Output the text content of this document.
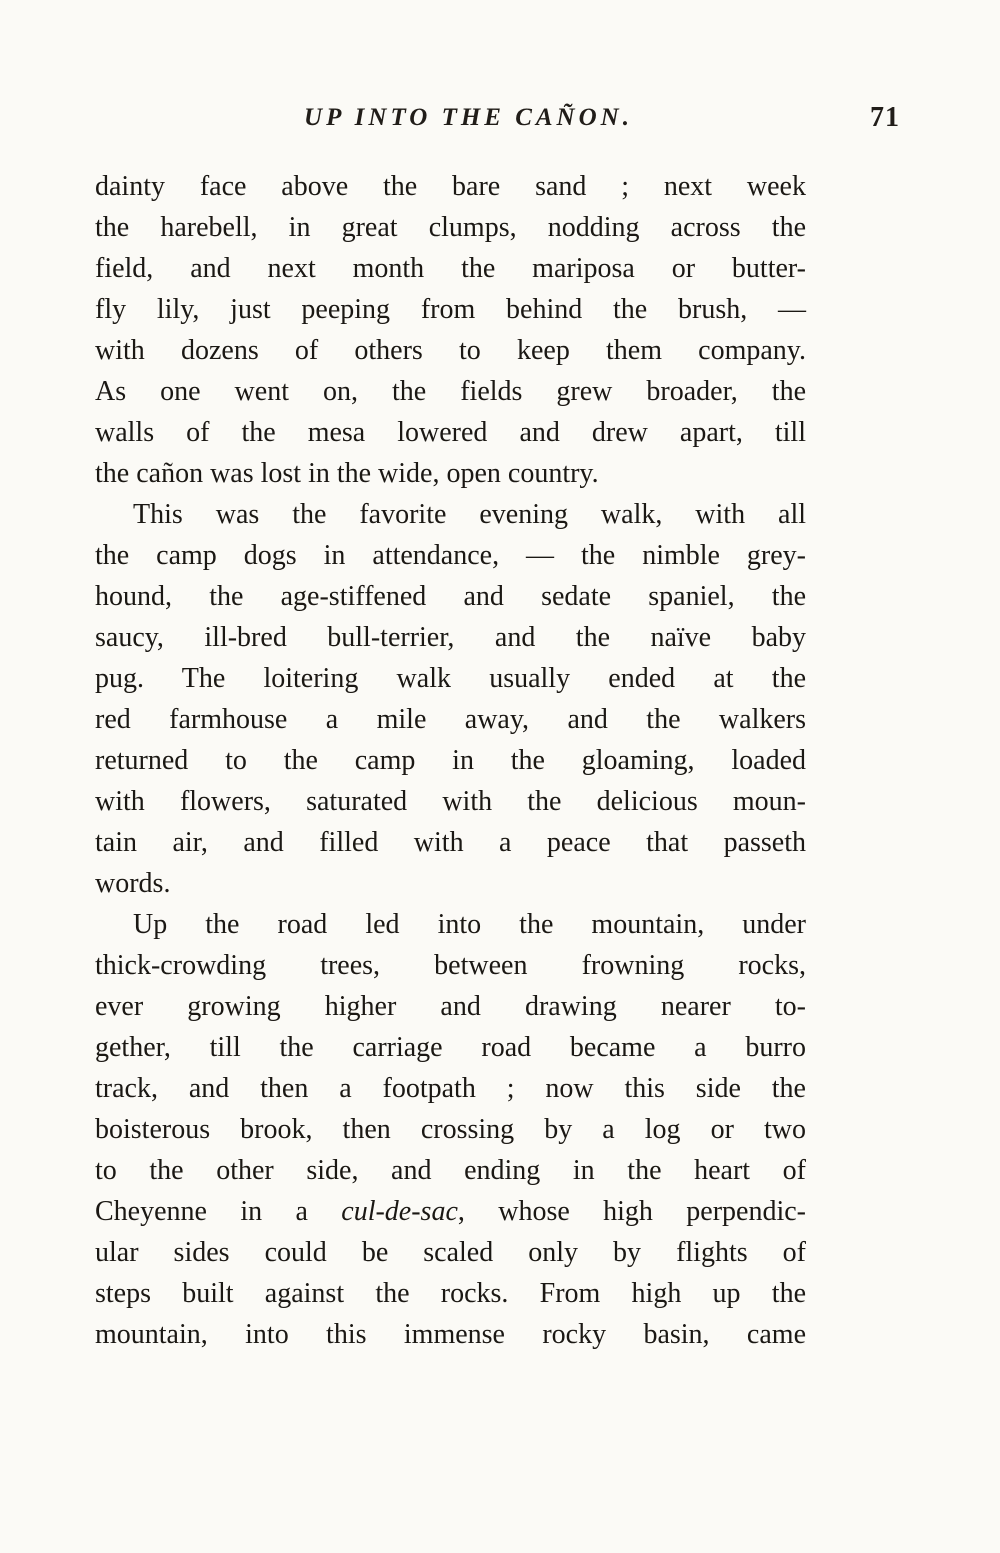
UP INTO THE CAÑON.	71
dainty face above the bare sand ; next week
the harebell, in great clumps, nodding across the
field, and next month the mariposa or butter-
fly lily, just peeping from behind the brush, —
with dozens of others to keep them company.
As one went on, the fields grew broader, the
walls of the mesa lowered and drew apart, till
the cañon was lost in the wide, open country.
This was the favorite evening walk, with all
the camp dogs in attendance, — the nimble grey-
hound, the age-stiffened and sedate spaniel, the
saucy, ill-bred bull-terrier, and the naïve baby
pug. The loitering walk usually ended at the
red farmhouse a mile away, and the walkers
returned to the camp in the gloaming, loaded
with flowers, saturated with the delicious moun-
tain air, and filled with a peace that passeth
words.
Up the road led into the mountain, under
thick-crowding trees, between frowning rocks,
ever growing higher and drawing nearer to-
gether, till the carriage road became a burro
track, and then a footpath ; now this side the
boisterous brook, then crossing by a log or two
to the other side, and ending in the heart of
Cheyenne in a cul-de-sac, whose high perpendic-
ular sides could be scaled only by flights of
steps built against the rocks. From high up the
mountain, into this immense rocky basin, came
